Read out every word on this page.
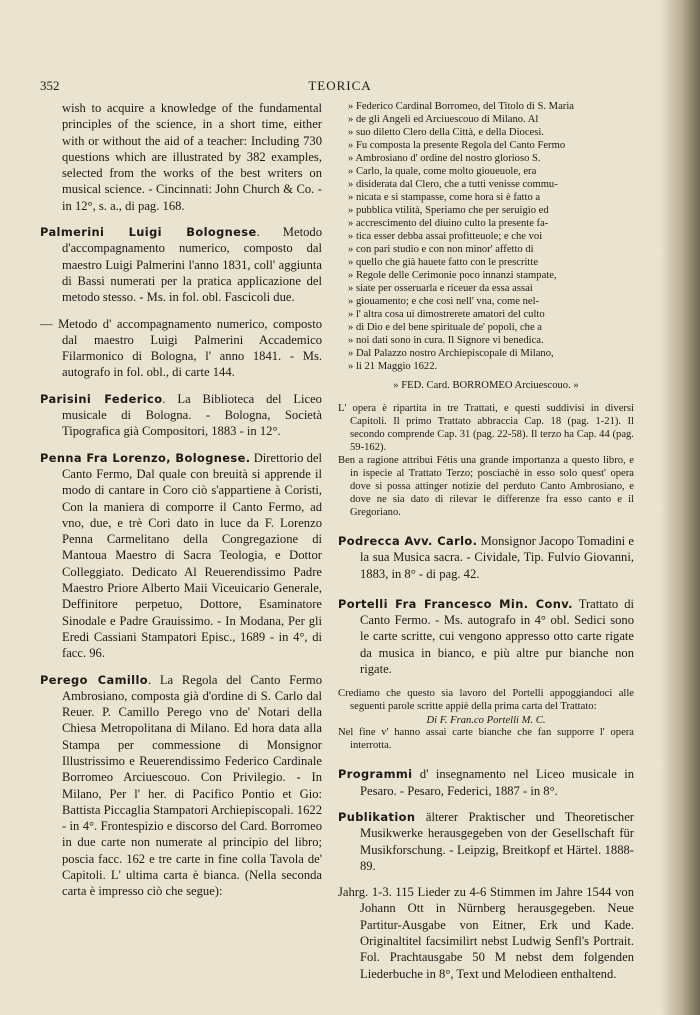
352	TEORICA

wish to acquire a knowledge of the fundamental principles of the science, in a short time, either with or without the aid of a teacher: Including 730 questions which are illustrated by 382 examples, selected from the works of the best writers on musical science. - Cincinnati: John Church & Co. - in 12°, s. a., di pag. 168.

Palmerini Luigi Bolognese. Metodo d'accompagnamento numerico, composto dal maestro Luigi Palmerini l'anno 1831, coll' aggiunta di Bassi numerati per la pratica applicazione del metodo stesso. - Ms. in fol. obl. Fascicoli due.

— Metodo d' accompagnamento numerico, composto dal maestro Luigi Palmerini Accademico Filarmonico di Bologna, l' anno 1841. - Ms. autografo in fol. obl., di carte 144.

Parisini Federico. La Biblioteca del Liceo musicale di Bologna. - Bologna, Società Tipografica già Compositori, 1883 - in 12°.

Penna Fra Lorenzo, Bolognese. Direttorio del Canto Fermo, Dal quale con breuità si apprende il modo di cantare in Coro ciò s'appartiene à Coristi, Con la maniera di comporre il Canto Fermo, ad vno, due, e trè Cori dato in luce da F. Lorenzo Penna Carmelitano della Congregazione di Mantoua Maestro di Sacra Teologia, e Dottor Colleggiato. Dedicato Al Reuerendissimo Padre Maestro Priore Alberto Maii Viceuicario Generale, Deffinitore perpetuo, Dottore, Esaminatore Sinodale e Padre Grauissimo. - In Modana, Per gli Eredi Cassiani Stampatori Episc., 1689 - in 4°, di facc. 96.

Perego Camillo. La Regola del Canto Fermo Ambrosiano, composta già d'ordine di S. Carlo dal Reuer. P. Camillo Perego vno de' Notari della Chiesa Metropolitana di Milano. Ed hora data alla Stampa per commessione di Monsignor Illustrissimo e Reuerendissimo Federico Cardinale Borromeo Arciuescouo. Con Privilegio. - In Milano, Per l' her. di Pacifico Pontio et Gio: Battista Piccaglia Stampatori Archiepiscopali. 1622 - in 4°. Frontespizio e discorso del Card. Borromeo in due carte non numerate al principio del libro; poscia facc. 162 e tre carte in fine colla Tavola de' Capitoli. L' ultima carta è bianca. (Nella seconda carta è impresso ciò che segue):

» Federico Cardinal Borromeo, del Titolo di S. Maria

» de gli Angeli ed Arciuescouo di Milano. Al

» suo diletto Clero della Città, e della Diocesi.

» Fu composta la presente Regola del Canto Fermo

» Ambrosiano d' ordine del nostro glorioso S.

» Carlo, la quale, come molto gioueuole, era

» disiderata dal Clero, che a tutti venisse commu-

» nicata e si stampasse, come hora si è fatto a

» pubblica vtilità, Speriamo che per seruigio ed

» accrescimento del diuino culto la presente fa-

» tica esser debba assai profitteuole; e che voi

» con pari studio e con non minor' affetto di

» quello che già hauete fatto con le prescritte

» Regole delle Cerimonie poco innanzi stampate,

» siate per osseruarla e riceuer da essa assai

» giouamento; e che così nell' vna, come nel-

» l' altra cosa ui dimostrerete amatori del culto

» di Dio e del bene spirituale de' popoli, che a

» noi dati sono in cura. Il Signore vi benedica.

» Dal Palazzo nostro Archiepiscopale di Milano,

» li 21 Maggio 1622.

» FED. Card. BORROMEO Arciuescouo. »

L' opera è ripartita in tre Trattati, e questi suddivisi in diversi Capitoli. Il primo Trattato abbraccia Cap. 18 (pag. 1-21). Il secondo comprende Cap. 31 (pag. 22-58). Il terzo ha Cap. 44 (pag. 59-162).

Ben a ragione attribuì Fétis una grande importanza a questo libro, e in ispecie al Trattato Terzo; posciachè in esso solo quest' opera dove si possa attinger notizie del perduto Canto Ambrosiano, e dove ne sia dato di rilevar le differenze fra esso canto e il Gregoriano.

Podrecca Avv. Carlo. Monsignor Jacopo Tomadini e la sua Musica sacra. - Cividale, Tip. Fulvio Giovanni, 1883, in 8° - di pag. 42.

Portelli Fra Francesco Min. Conv. Trattato di Canto Fermo. - Ms. autografo in 4° obl. Sedici sono le carte scritte, cui vengono appresso otto carte rigate da musica in bianco, e più altre pur bianche non rigate.

Crediamo che questo sia lavoro del Portelli appoggiandoci alle seguenti parole scritte appiè della prima carta del Trattato:

Di F. Fran.co Portelli M. C.

Nel fine v' hanno assai carte bianche che fan supporre l' opera interrotta.

Programmi d' insegnamento nel Liceo musicale in Pesaro. - Pesaro, Federici, 1887 - in 8°.

Publikation älterer Praktischer und Theoretischer Musikwerke herausgegeben von der Gesellschaft für Musikforschung. - Leipzig, Breitkopf et Härtel. 1888-89.

Jahrg. 1-3. 115 Lieder zu 4-6 Stimmen im Jahre 1544 von Johann Ott in Nürnberg herausgegeben. Neue Partitur-Ausgabe von Eitner, Erk und Kade. Originaltitel facsimilirt nebst Ludwig Senfl's Portrait. Fol. Prachtausgabe 50 M nebst dem folgenden Liederbuche in 8°, Text und Melodieen enthaltend.
